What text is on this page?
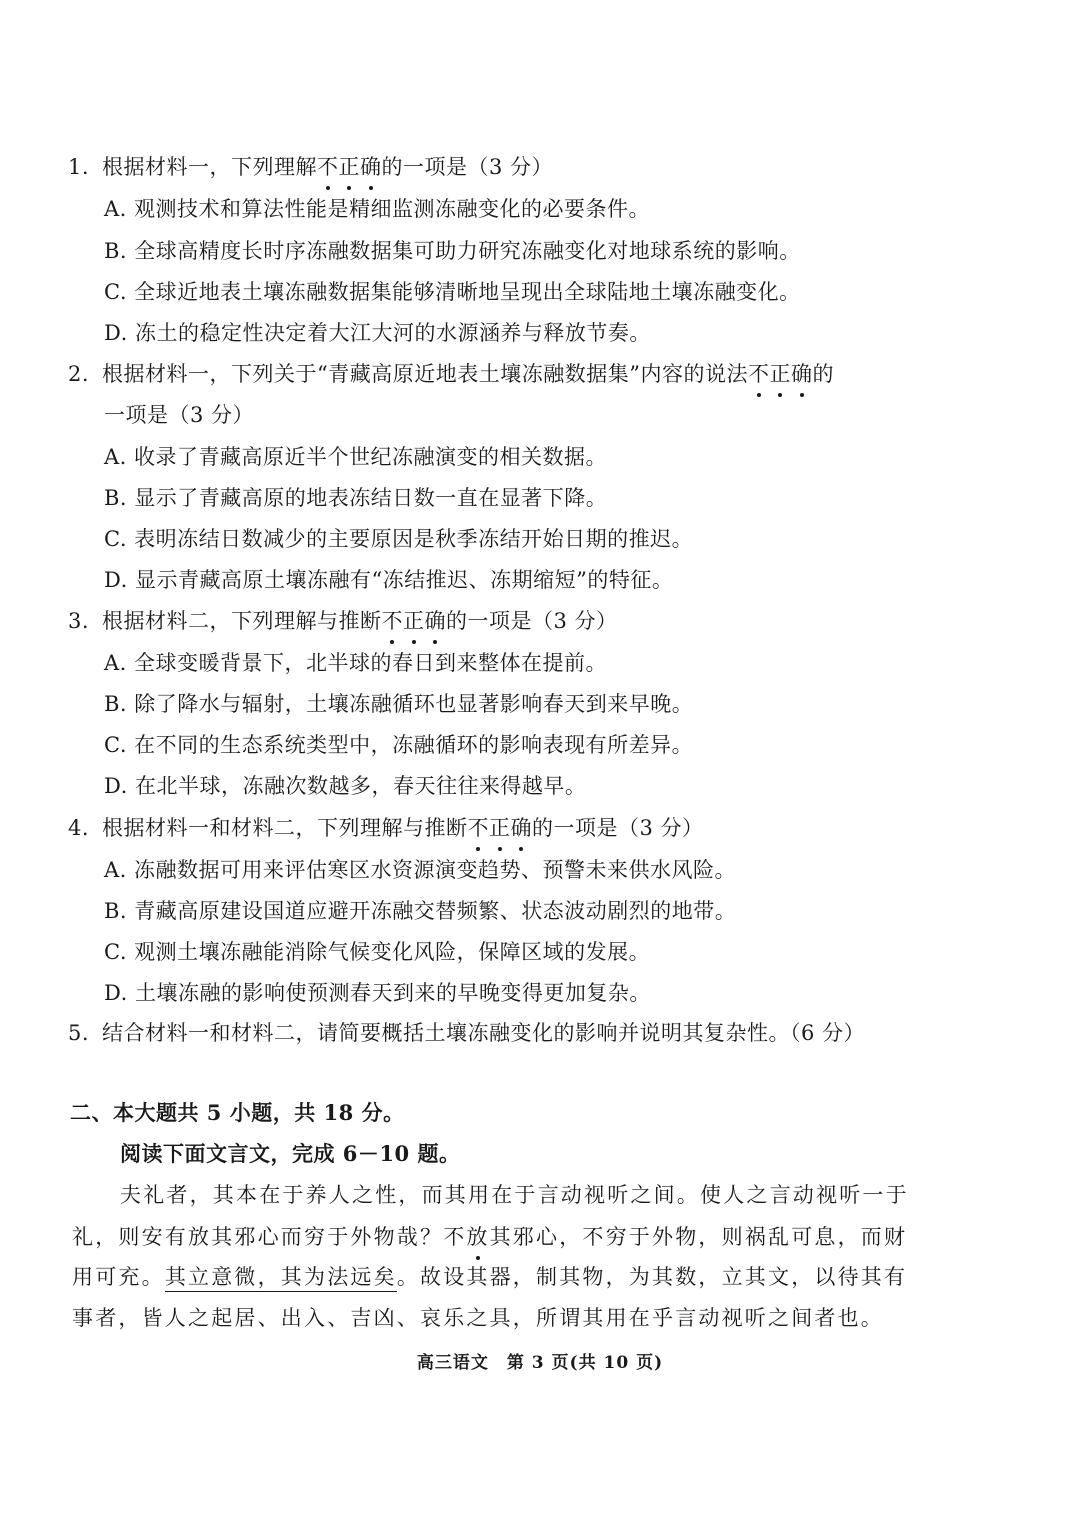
1. 根据材料一，下列理解不正确的一项是（3 分）
A. 观测技术和算法性能是精细监测冻融变化的必要条件。
B. 全球高精度长时序冻融数据集可助力研究冻融变化对地球系统的影响。
C. 全球近地表土壤冻融数据集能够清晰地呈现出全球陆地土壤冻融变化。
D. 冻土的稳定性决定着大江大河的水源涵养与释放节奏。
2. 根据材料一，下列关于“青藏高原近地表土壤冻融数据集”内容的说法不正确的
一项是（3 分）
A. 收录了青藏高原近半个世纪冻融演变的相关数据。
B. 显示了青藏高原的地表冻结日数一直在显著下降。
C. 表明冻结日数减少的主要原因是秋季冻结开始日期的推迟。
D. 显示青藏高原土壤冻融有“冻结推迟、冻期缩短”的特征。
3. 根据材料二，下列理解与推断不正确的一项是（3 分）
A. 全球变暖背景下，北半球的春日到来整体在提前。
B. 除了降水与辐射，土壤冻融循环也显著影响春天到来早晚。
C. 在不同的生态系统类型中，冻融循环的影响表现有所差异。
D. 在北半球，冻融次数越多，春天往往来得越早。
4. 根据材料一和材料二，下列理解与推断不正确的一项是（3 分）
A. 冻融数据可用来评估寒区水资源演变趋势、预警未来供水风险。
B. 青藏高原建设国道应避开冻融交替频繁、状态波动剧烈的地带。
C. 观测土壤冻融能消除气候变化风险，保障区域的发展。
D. 土壤冻融的影响使预测春天到来的早晚变得更加复杂。
5. 结合材料一和材料二，请简要概括土壤冻融变化的影响并说明其复杂性。（6 分）
二、本大题共 5 小题，共 18 分。
阅读下面文言文，完成 6－10 题。
夫礼者，其本在于养人之性，而其用在于言动视听之间。使人之言动视听一于
礼，则安有放其邪心而穷于外物哉？不放其邪心，不穷于外物，则祸乱可息，而财
用可充。其立意微，其为法远矣。故设其器，制其物，为其数，立其文，以待其有
事者，皆人之起居、出入、吉凶、哀乐之具，所谓其用在乎言动视听之间者也。
高三语文　第 3 页(共 10 页)
